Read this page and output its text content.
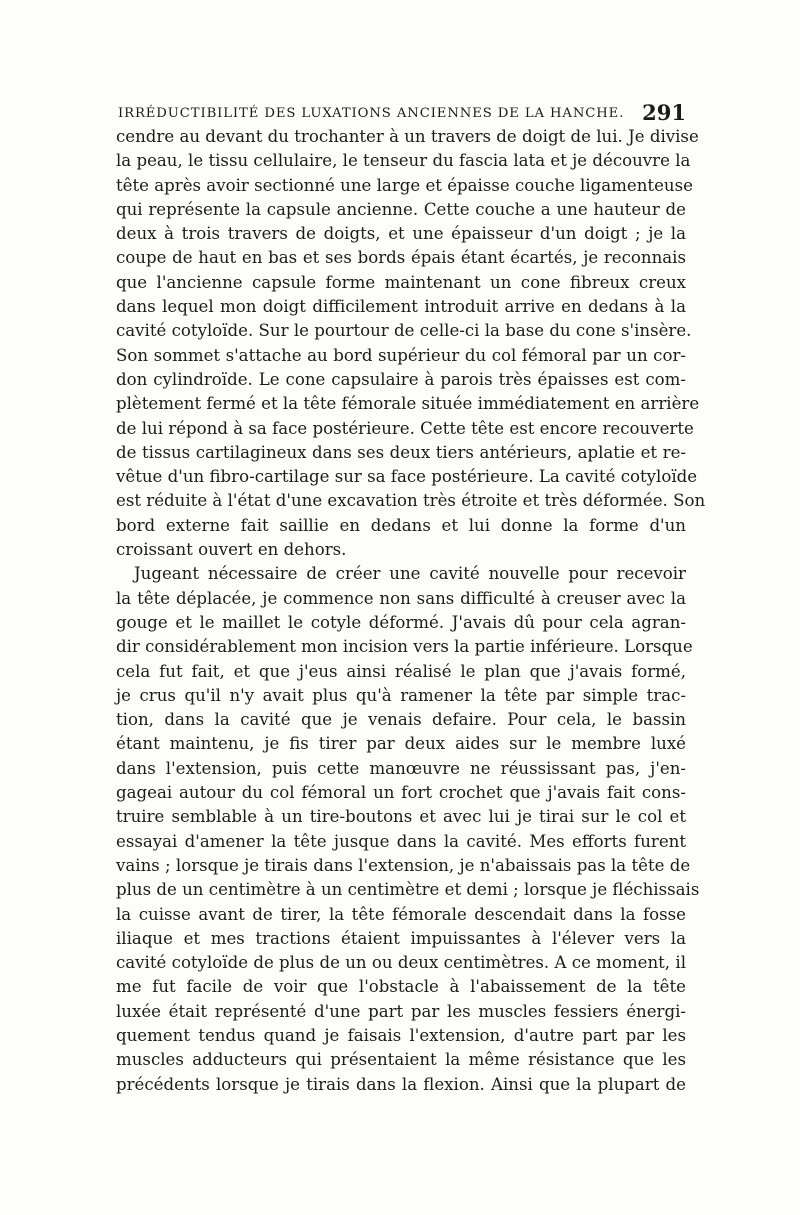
IRRÉDUCTIBILITÉ DES LUXATIONS ANCIENNES DE LA HANCHE. 291
cendre au devant du trochanter à un travers de doigt de lui. Je divise
la peau, le tissu cellulaire, le tenseur du fascia lata et je découvre la
tête après avoir sectionné une large et épaisse couche ligamenteuse
qui représente la capsule ancienne. Cette couche a une hauteur de
deux à trois travers de doigts, et une épaisseur d'un doigt ; je la
coupe de haut en bas et ses bords épais étant écartés, je reconnais
que l'ancienne capsule forme maintenant un cone fibreux creux
dans lequel mon doigt difficilement introduit arrive en dedans à la
cavité cotyloïde. Sur le pourtour de celle-ci la base du cone s'insère.
Son sommet s'attache au bord supérieur du col fémoral par un cor-
don cylindroïde. Le cone capsulaire à parois très épaisses est com-
plètement fermé et la tête fémorale située immédiatement en arrière
de lui répond à sa face postérieure. Cette tête est encore recouverte
de tissus cartilagineux dans ses deux tiers antérieurs, aplatie et re-
vêtue d'un fibro-cartilage sur sa face postérieure. La cavité cotyloïde
est réduite à l'état d'une excavation très étroite et très déformée. Son
bord externe fait saillie en dedans et lui donne la forme d'un
croissant ouvert en dehors.
Jugeant nécessaire de créer une cavité nouvelle pour recevoir
la tête déplacée, je commence non sans difficulté à creuser avec la
gouge et le maillet le cotyle déformé. J'avais dû pour cela agran-
dir considérablement mon incision vers la partie inférieure. Lorsque
cela fut fait, et que j'eus ainsi réalisé le plan que j'avais formé,
je crus qu'il n'y avait plus qu'à ramener la tête par simple trac-
tion, dans la cavité que je venais defaire. Pour cela, le bassin
étant maintenu, je fis tirer par deux aides sur le membre luxé
dans l'extension, puis cette manœuvre ne réussissant pas, j'en-
gageai autour du col fémoral un fort crochet que j'avais fait cons-
truire semblable à un tire-boutons et avec lui je tirai sur le col et
essayai d'amener la tête jusque dans la cavité. Mes efforts furent
vains ; lorsque je tirais dans l'extension, je n'abaissais pas la tête de
plus de un centimètre à un centimètre et demi ; lorsque je fléchissais
la cuisse avant de tirer, la tête fémorale descendait dans la fosse
iliaque et mes tractions étaient impuissantes à l'élever vers la
cavité cotyloïde de plus de un ou deux centimètres. A ce moment, il
me fut facile de voir que l'obstacle à l'abaissement de la tête
luxée était représenté d'une part par les muscles fessiers énergi-
quement tendus quand je faisais l'extension, d'autre part par les
muscles adducteurs qui présentaient la même résistance que les
précédents lorsque je tirais dans la flexion. Ainsi que la plupart de
